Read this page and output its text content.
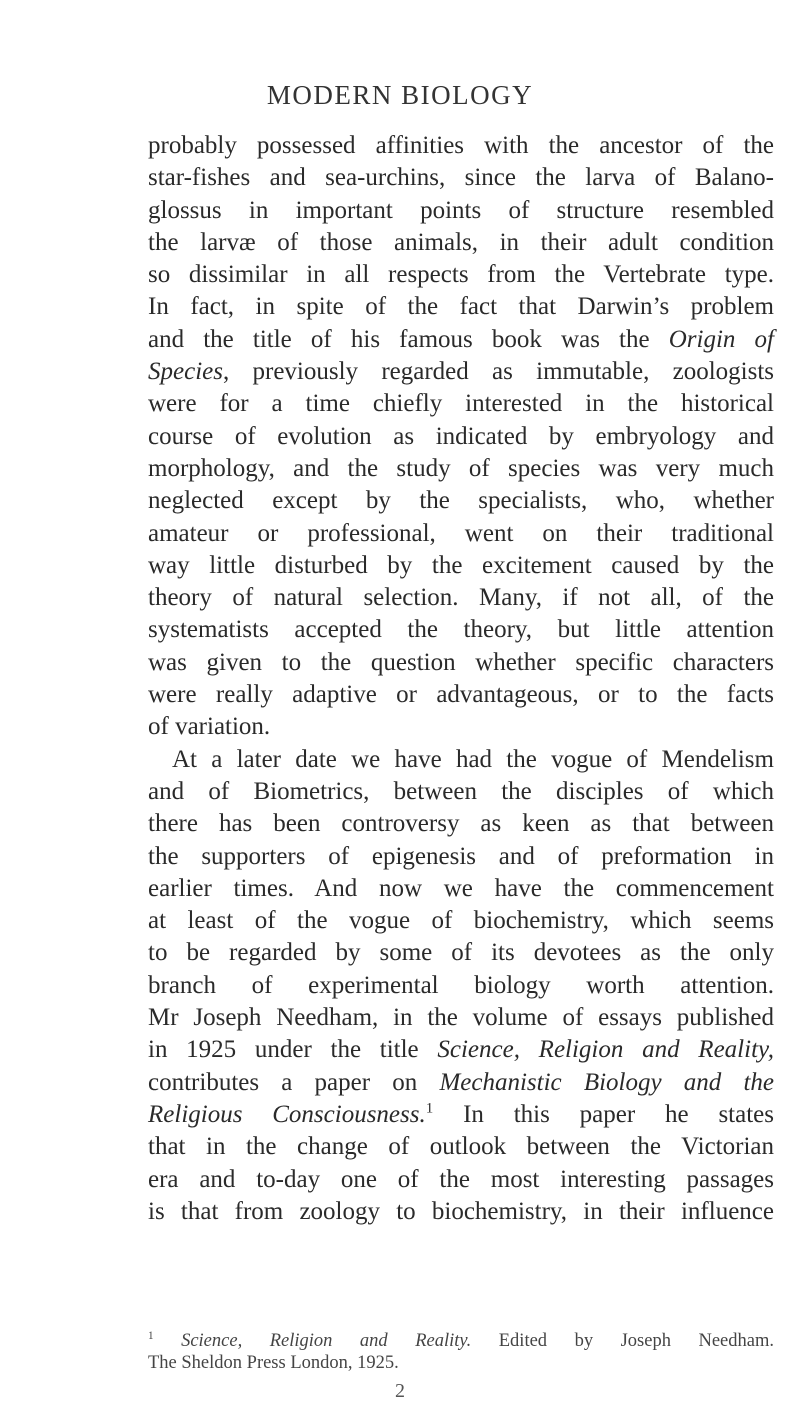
MODERN BIOLOGY
probably possessed affinities with the ancestor of the
star-fishes and sea-urchins, since the larva of Balano-
glossus in important points of structure resembled
the larvæ of those animals, in their adult condition
so dissimilar in all respects from the Vertebrate type.
In fact, in spite of the fact that Darwin’s problem
and the title of his famous book was the Origin of
Species, previously regarded as immutable, zoologists
were for a time chiefly interested in the historical
course of evolution as indicated by embryology and
morphology, and the study of species was very much
neglected except by the specialists, who, whether
amateur or professional, went on their traditional
way little disturbed by the excitement caused by the
theory of natural selection. Many, if not all, of the
systematists accepted the theory, but little attention
was given to the question whether specific characters
were really adaptive or advantageous, or to the facts
of variation.
At a later date we have had the vogue of Mendelism
and of Biometrics, between the disciples of which
there has been controversy as keen as that between
the supporters of epigenesis and of preformation in
earlier times. And now we have the commencement
at least of the vogue of biochemistry, which seems
to be regarded by some of its devotees as the only
branch of experimental biology worth attention.
Mr Joseph Needham, in the volume of essays published
in 1925 under the title Science, Religion and Reality,
contributes a paper on Mechanistic Biology and the
Religious Consciousness.$^1$ In this paper he states
that in the change of outlook between the Victorian
era and to-day one of the most interesting passages
is that from zoology to biochemistry, in their influence
$^1$ Science, Religion and Reality. Edited by Joseph Needham.
The Sheldon Press London, 1925.
2
